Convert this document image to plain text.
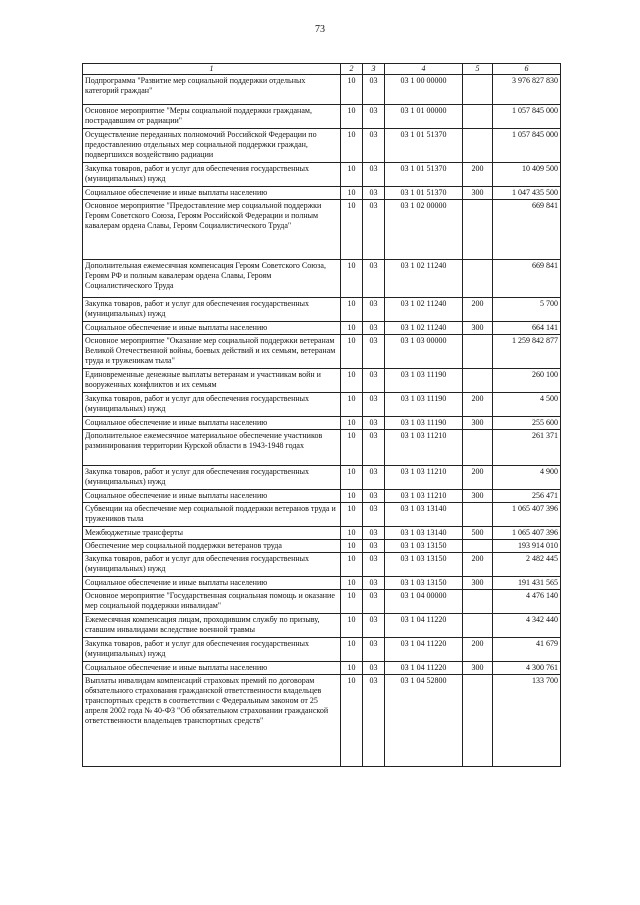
73
1	2	3	4	5	6
Подпрограмма "Развитие мер социальной поддержки отдельных категорий граждан"	10	03	03 1 00 00000		3 976 827 830
Основное мероприятие "Меры социальной поддержки гражданам, пострадавшим от радиации"	10	03	03 1 01 00000		1 057 845 000
Осуществление переданных полномочий Российской Федерации по предоставлению отдельных мер социальной поддержки граждан, подвергшихся воздействию радиации	10	03	03 1 01 51370		1 057 845 000
Закупка товаров, работ и услуг для обеспечения государственных (муниципальных) нужд	10	03	03 1 01 51370	200	10 409 500
Социальное обеспечение и иные выплаты населению	10	03	03 1 01 51370	300	1 047 435 500
Основное мероприятие "Предоставление мер социальной поддержки Героям Советского Союза, Героям Российской Федерации и полным кавалерам ордена Славы, Героям Социалистического Труда"	10	03	03 1 02 00000		669 841
Дополнительная ежемесячная компенсация Героям Советского Союза, Героям РФ и полным кавалерам ордена Славы, Героям Социалистического Труда	10	03	03 1 02 11240		669 841
Закупка товаров, работ и услуг для обеспечения государственных (муниципальных) нужд	10	03	03 1 02 11240	200	5 700
Социальное обеспечение и иные выплаты населению	10	03	03 1 02 11240	300	664 141
Основное мероприятие "Оказание мер социальной поддержки ветеранам Великой Отечественной войны, боевых действий и их семьям, ветеранам труда и труженикам тыла"	10	03	03 1 03 00000		1 259 842 877
Единовременные денежные выплаты ветеранам и участникам войн и вооруженных конфликтов и их семьям	10	03	03 1 03 11190		260 100
Закупка товаров, работ и услуг для обеспечения государственных (муниципальных) нужд	10	03	03 1 03 11190	200	4 500
Социальное обеспечение и иные выплаты населению	10	03	03 1 03 11190	300	255 600
Дополнительное ежемесячное материальное обеспечение участников разминирования территории Курской области в 1943-1948 годах	10	03	03 1 03 11210		261 371
Закупка товаров, работ и услуг для обеспечения государственных (муниципальных) нужд	10	03	03 1 03 11210	200	4 900
Социальное обеспечение и иные выплаты населению	10	03	03 1 03 11210	300	256 471
Субвенции на обеспечение мер социальной поддержки ветеранов труда и тружеников тыла	10	03	03 1 03 13140		1 065 407 396
Межбюджетные трансферты	10	03	03 1 03 13140	500	1 065 407 396
Обеспечение мер социальной поддержки ветеранов труда	10	03	03 1 03 13150		193 914 010
Закупка товаров, работ и услуг для обеспечения государственных (муниципальных) нужд	10	03	03 1 03 13150	200	2 482 445
Социальное обеспечение и иные выплаты населению	10	03	03 1 03 13150	300	191 431 565
Основное мероприятие "Государственная социальная помощь и оказание мер социальной поддержки инвалидам"	10	03	03 1 04 00000		4 476 140
Ежемесячная компенсация лицам, проходившим службу по призыву, ставшим инвалидами вследствие военной травмы	10	03	03 1 04 11220		4 342 440
Закупка товаров, работ и услуг для обеспечения государственных (муниципальных) нужд	10	03	03 1 04 11220	200	41 679
Социальное обеспечение и иные выплаты населению	10	03	03 1 04 11220	300	4 300 761
Выплаты инвалидам компенсаций страховых премий по договорам обязательного страхования гражданской ответственности владельцев транспортных средств в соответствии с Федеральным законом от 25 апреля 2002 года № 40-ФЗ "Об обязательном страховании гражданской ответственности владельцев транспортных средств"	10	03	03 1 04 52800		133 700
